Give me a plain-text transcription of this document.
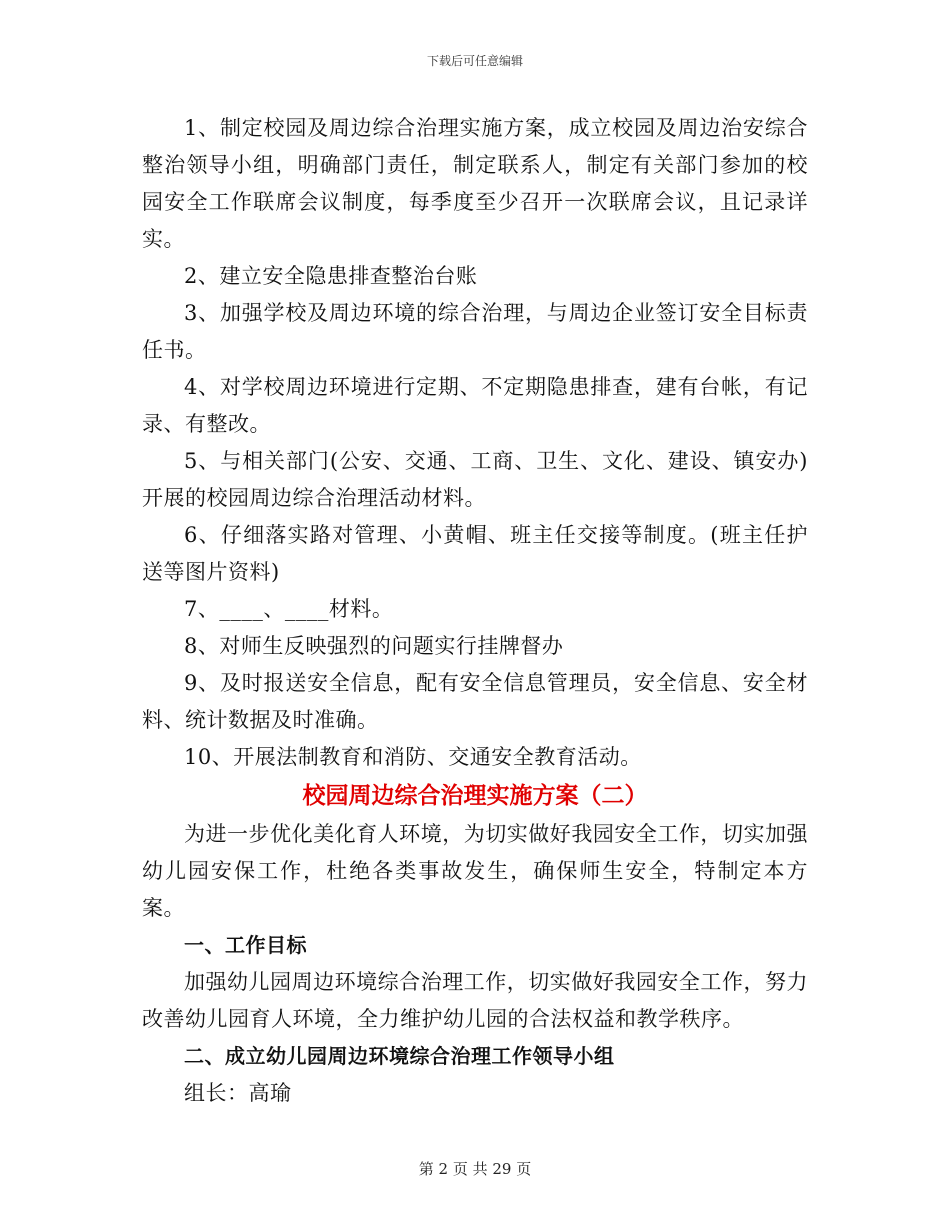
下载后可任意编辑

1、制定校园及周边综合治理实施方案，成立校园及周边治安综合整治领导小组，明确部门责任，制定联系人，制定有关部门参加的校园安全工作联席会议制度，每季度至少召开一次联席会议，且记录详实。

2、建立安全隐患排查整治台账

3、加强学校及周边环境的综合治理，与周边企业签订安全目标责任书。

4、对学校周边环境进行定期、不定期隐患排查，建有台帐，有记录、有整改。

5、与相关部门(公安、交通、工商、卫生、文化、建设、镇安办)开展的校园周边综合治理活动材料。

6、仔细落实路对管理、小黄帽、班主任交接等制度。(班主任护送等图片资料)

7、____、____材料。

8、对师生反映强烈的问题实行挂牌督办

9、及时报送安全信息，配有安全信息管理员，安全信息、安全材料、统计数据及时准确。

10、开展法制教育和消防、交通安全教育活动。

校园周边综合治理实施方案（二）

为进一步优化美化育人环境，为切实做好我园安全工作，切实加强幼儿园安保工作，杜绝各类事故发生，确保师生安全，特制定本方案。

一、工作目标

加强幼儿园周边环境综合治理工作，切实做好我园安全工作，努力改善幼儿园育人环境，全力维护幼儿园的合法权益和教学秩序。

二、成立幼儿园周边环境综合治理工作领导小组

组长：高瑜

第 2 页 共 29 页
